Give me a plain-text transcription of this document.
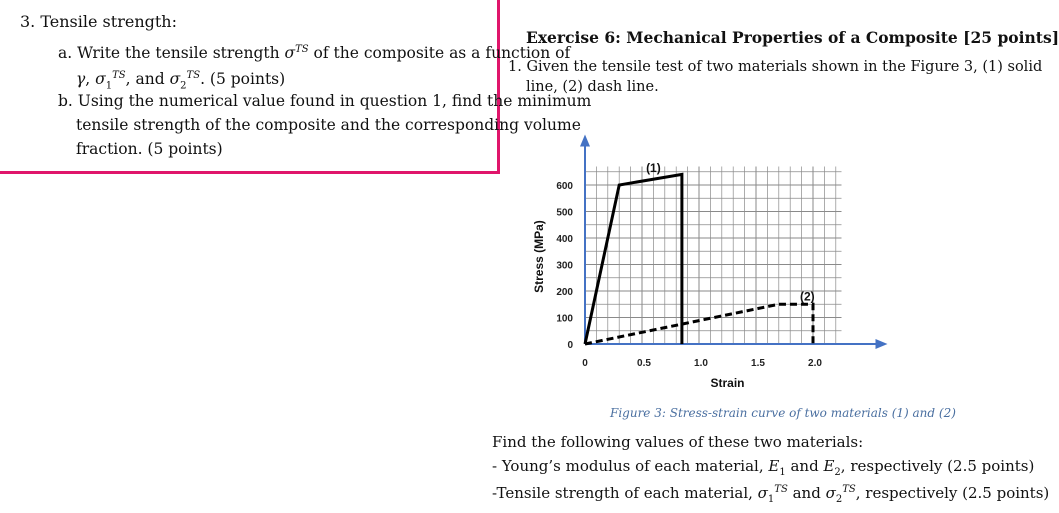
3. Tensile strength:
a. Write the tensile strength $\sigma^{TS}$ of the composite as a function of
γ, $\sigma_1^{TS}$, and $\sigma_2^{TS}$. (5 points)
b. Using the numerical value found in question 1, find the minimum
tensile strength of the composite and the corresponding volume
fraction. (5 points)
Exercise 6: Mechanical Properties of a Composite [25 points]
1. Given the tensile test of two materials shown in the Figure 3, (1) solid
line, (2) dash line.
0
100
200
300
400
500
600
0	0.5	1.0	1.5	2.0
Strain
Stress (MPa)
(1)
(2)
Figure 3: Stress-strain curve of two materials (1) and (2)
Find the following values of these two materials:
- Young’s modulus of each material, $E_1$ and $E_2$, respectively (2.5 points)
-Tensile strength of each material, $\sigma_1^{TS}$ and $\sigma_2^{TS}$, respectively (2.5 points)
